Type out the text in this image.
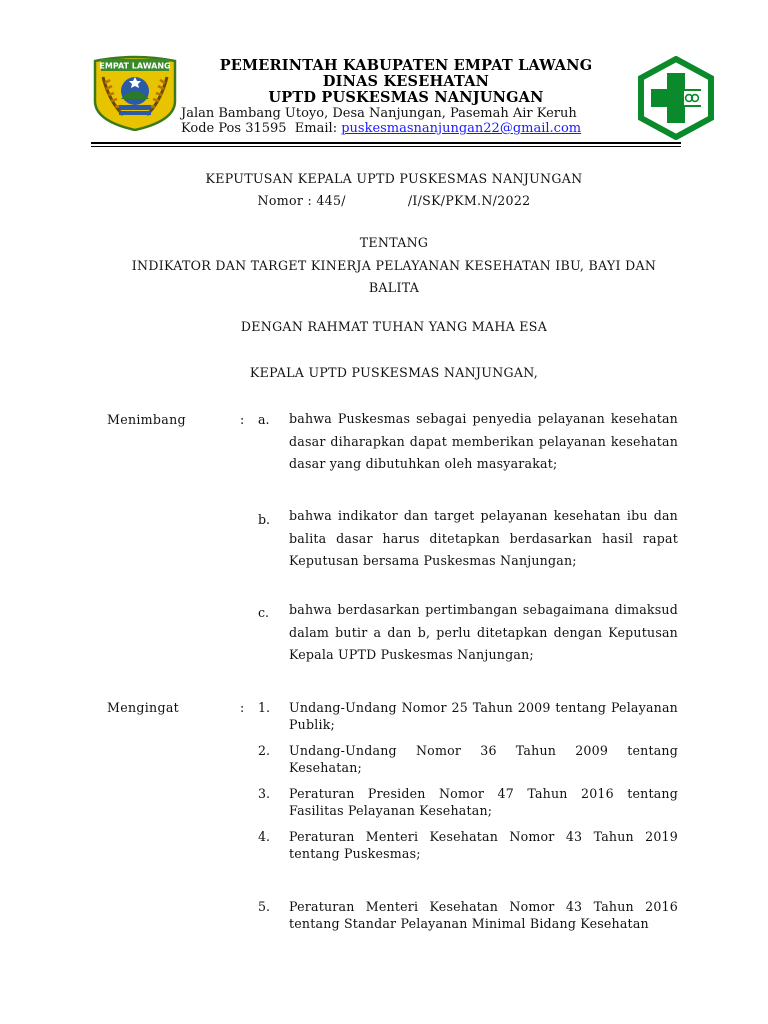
EMPAT LAWANG	PEMERINTAH KABUPATEN EMPAT LAWANG
DINAS KESEHATAN
UPTD PUSKESMAS NANJUNGAN
Jalan Bambang Utoyo, Desa Nanjungan, Pasemah Air Keruh
Kode Pos 31595  Email: puskesmasnanjungan22@gmail.com
KEPUTUSAN KEPALA UPTD PUSKESMAS NANJUNGAN
Nomor : 445/	/I/SK/PKM.N/2022
TENTANG
INDIKATOR DAN TARGET KINERJA PELAYANAN KESEHATAN IBU, BAYI DAN
BALITA
DENGAN RAHMAT TUHAN YANG MAHA ESA
KEPALA UPTD PUSKESMAS NANJUNGAN,
Menimbang	: a. bahwa Puskesmas sebagai penyedia pelayanan kesehatan dasar diharapkan dapat memberikan pelayanan kesehatan dasar yang dibutuhkan oleh masyarakat;
b. bahwa indikator dan target pelayanan kesehatan ibu dan balita dasar harus ditetapkan berdasarkan hasil rapat Keputusan bersama Puskesmas Nanjungan;
c. bahwa berdasarkan pertimbangan sebagaimana dimaksud dalam butir a dan b, perlu ditetapkan dengan Keputusan Kepala UPTD Puskesmas Nanjungan;
Mengingat	: 1. Undang-Undang Nomor 25 Tahun 2009 tentang Pelayanan Publik;
2. Undang-Undang Nomor 36 Tahun 2009 tentang Kesehatan;
3. Peraturan Presiden Nomor 47 Tahun 2016 tentang Fasilitas Pelayanan Kesehatan;
4. Peraturan Menteri Kesehatan Nomor 43 Tahun 2019 tentang Puskesmas;
5. Peraturan Menteri Kesehatan Nomor 43 Tahun 2016 tentang Standar Pelayanan Minimal Bidang Kesehatan
